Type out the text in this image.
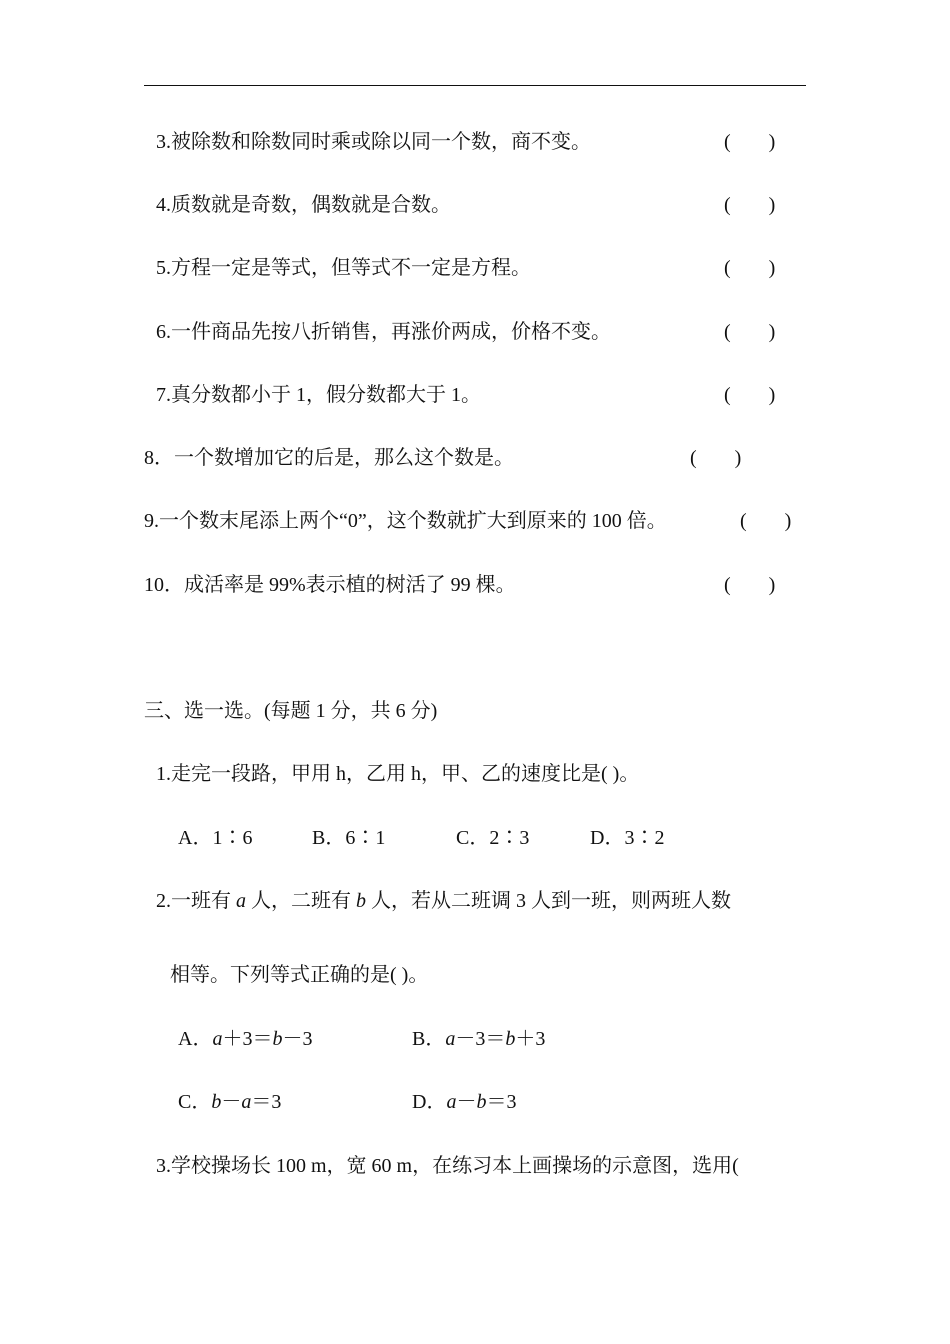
3.被除数和除数同时乘或除以同一个数，商不变。	( )
4.质数就是奇数，偶数就是合数。	( )
5.方程一定是等式，但等式不一定是方程。	( )
6.一件商品先按八折销售，再涨价两成，价格不变。	( )
7.真分数都小于 1，假分数都大于 1。	( )
8．一个数增加它的后是，那么这个数是。	( )
9.一个数末尾添上两个“0”，这个数就扩大到原来的 100 倍。	( )
10．成活率是 99%表示植的树活了 99 棵。	( )
三、选一选。(每题 1 分，共 6 分)
1.走完一段路，甲用 h，乙用 h，甲、乙的速度比是( )。
A．1∶6	B．6∶1	C．2∶3	D．3∶2
2.一班有 a 人，二班有 b 人，若从二班调 3 人到一班，则两班人数
相等。下列等式正确的是( )。
A．a＋3＝b－3	B．a－3＝b＋3
C．b－a＝3	D．a－b＝3
3.学校操场长 100 m，宽 60 m，在练习本上画操场的示意图，选用(
